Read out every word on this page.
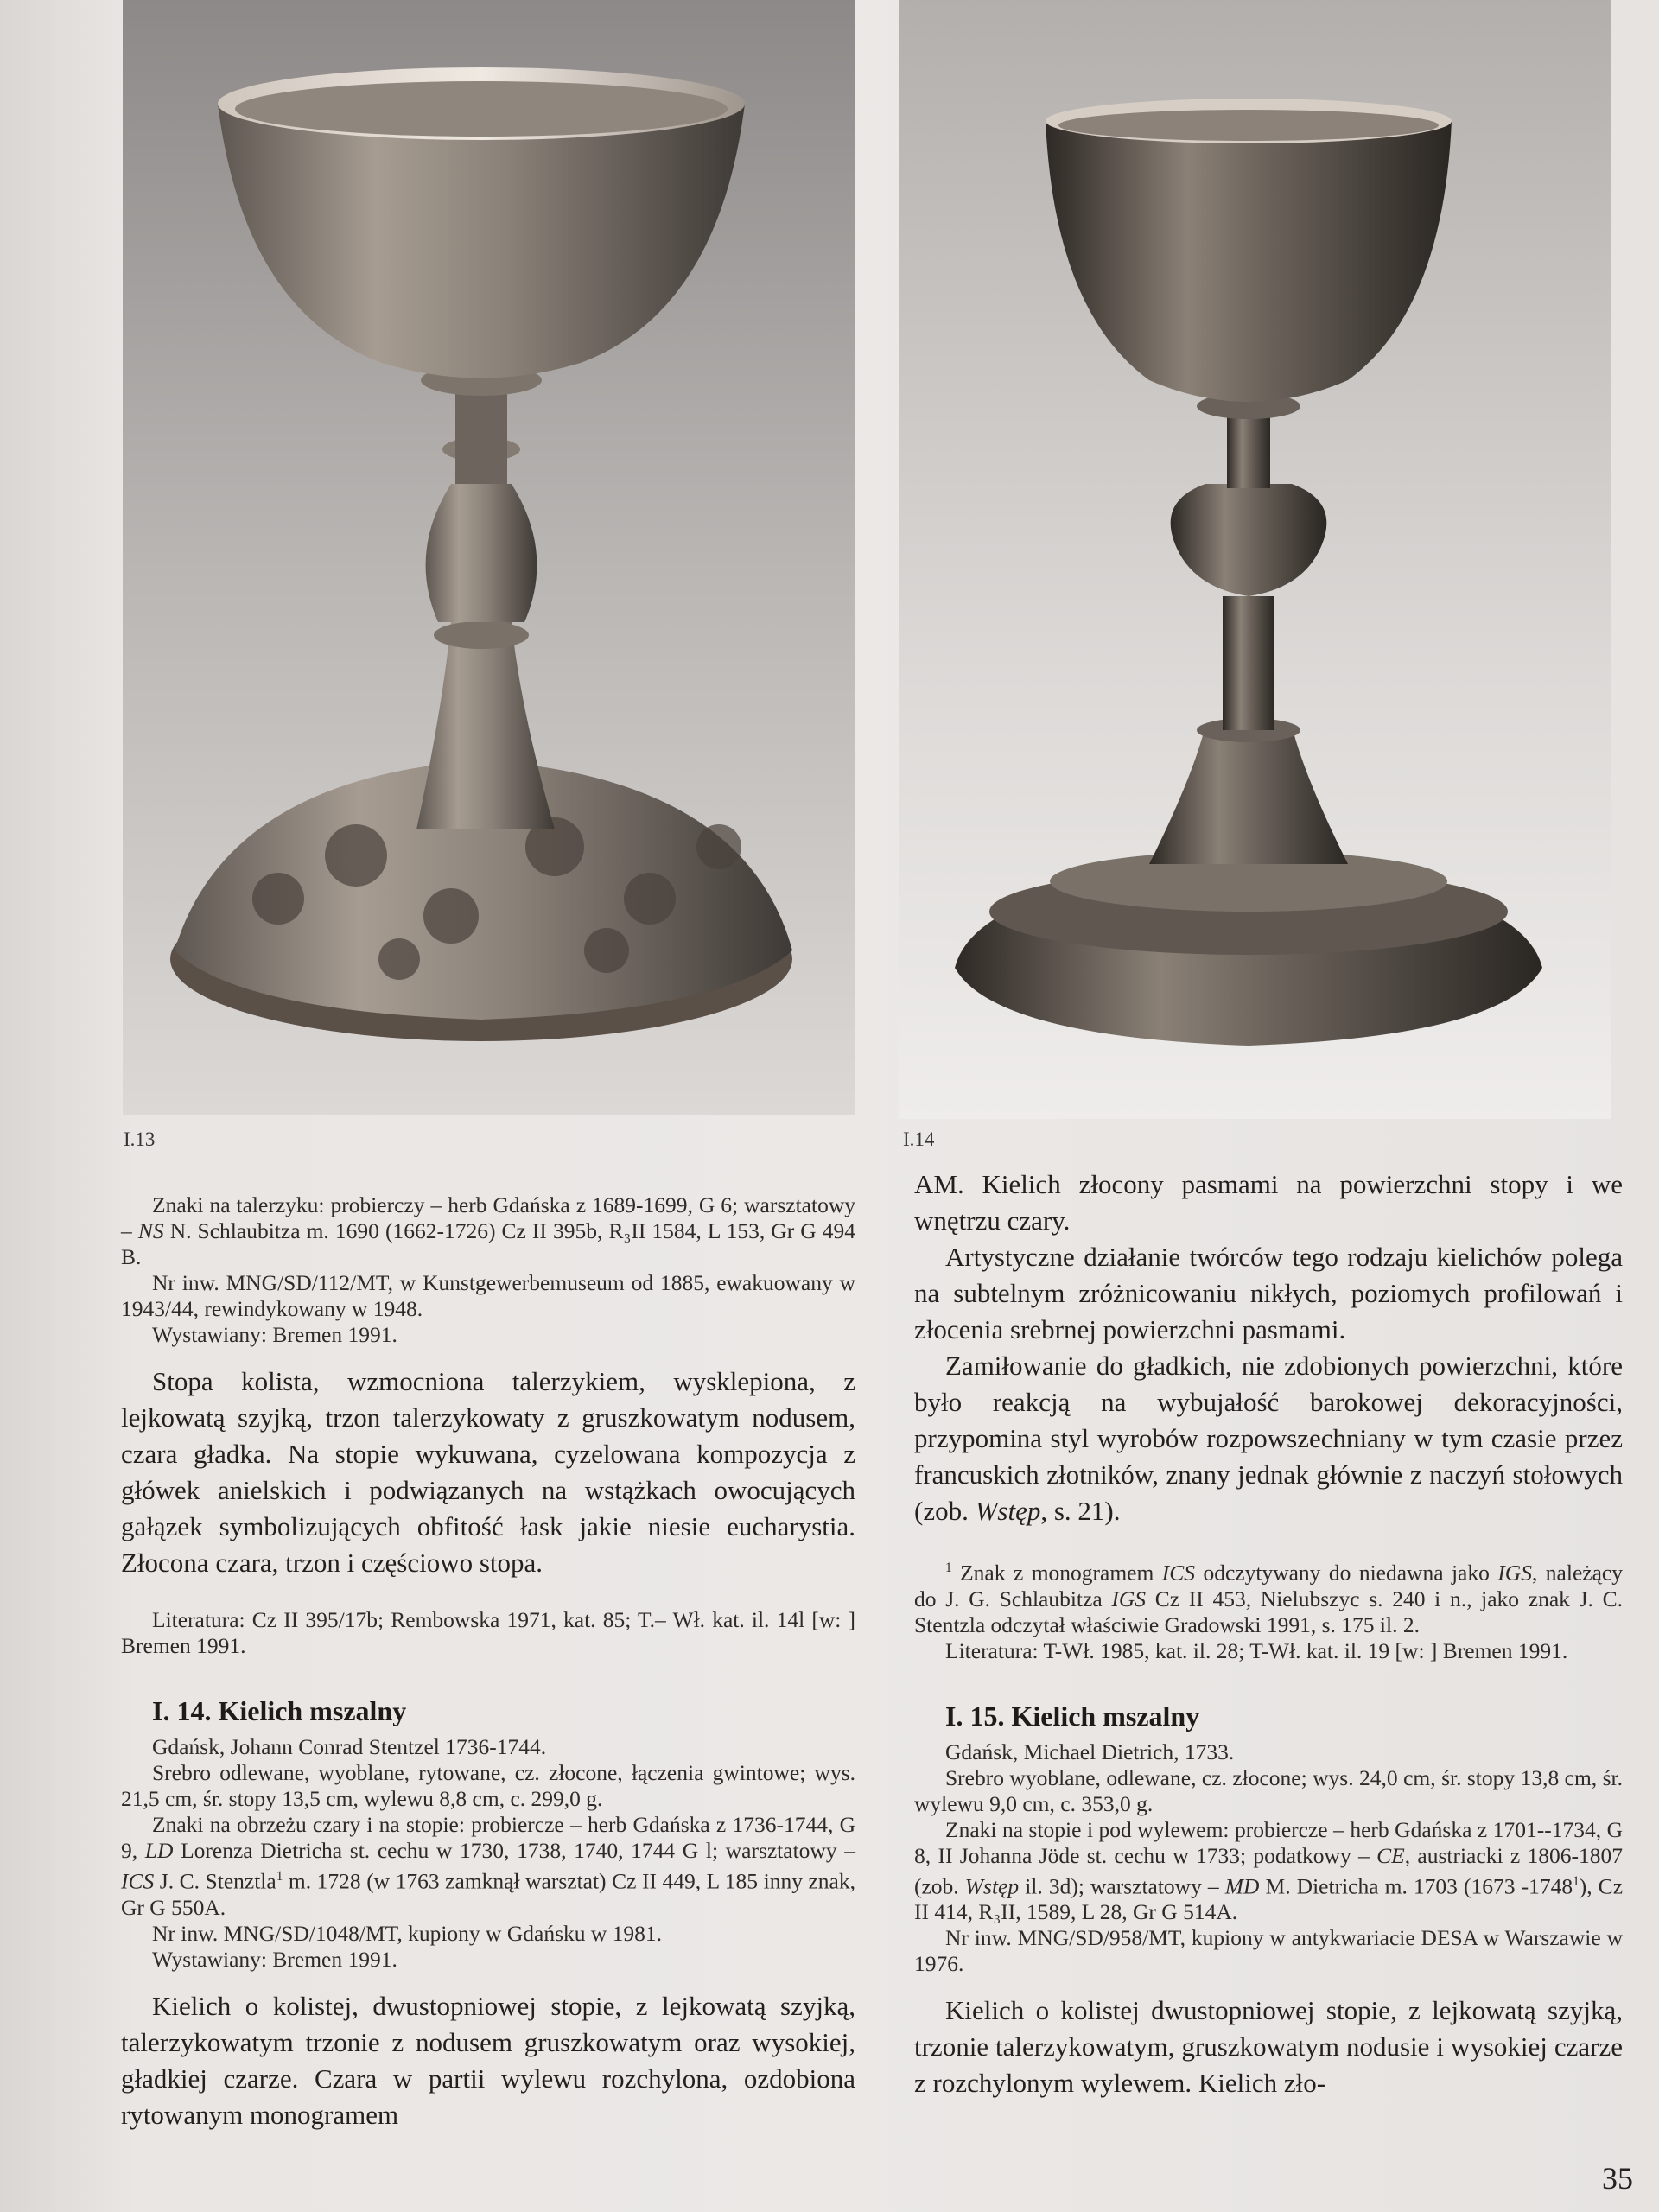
I.13	I.14

Znaki na talerzyku: probierczy – herb Gdańska z 1689-1699, G 6; warsztatowy – NS N. Schlaubitza m. 1690 (1662-1726) Cz II 395b, R₃II 1584, L 153, Gr G 494 B.

Nr inw. MNG/SD/112/MT, w Kunstgewerbemuseum od 1885, ewakuowany w 1943/44, rewindykowany w 1948.

Wystawiany: Bremen 1991.

Stopa kolista, wzmocniona talerzykiem, wysklepiona, z lejkowatą szyjką, trzon talerzykowaty z gruszkowatym nodusem, czara gładka. Na stopie wykuwana, cyzelowana kompozycja z główek anielskich i podwiązanych na wstążkach owocujących gałązek symbolizujących obfitość łask jakie niesie eucharystia. Złocona czara, trzon i częściowo stopa.

Literatura: Cz II 395/17b; Rembowska 1971, kat. 85; T.– Wł. kat. il. 14l [w: ] Bremen 1991.

I. 14. Kielich mszalny

Gdańsk, Johann Conrad Stentzel 1736-1744.

Srebro odlewane, wyoblane, rytowane, cz. złocone, łączenia gwintowe; wys. 21,5 cm, śr. stopy 13,5 cm, wylewu 8,8 cm, c. 299,0 g.

Znaki na obrzeżu czary i na stopie: probiercze – herb Gdańska z 1736-1744, G 9, LD Lorenza Dietricha st. cechu w 1730, 1738, 1740, 1744 G l; warsztatowy – ICS J. C. Stenztla$^1$ m. 1728 (w 1763 zamknął warsztat) Cz II 449, L 185 inny znak, Gr G 550A.

Nr inw. MNG/SD/1048/MT, kupiony w Gdańsku w 1981.

Wystawiany: Bremen 1991.

Kielich o kolistej, dwustopniowej stopie, z lejkowatą szyjką, talerzykowatym trzonie z nodusem gruszkowatym oraz wysokiej, gładkiej czarze. Czara w partii wylewu rozchylona, ozdobiona rytowanym monogramem

AM. Kielich złocony pasmami na powierzchni stopy i we wnętrzu czary.

Artystyczne działanie twórców tego rodzaju kielichów polega na subtelnym zróżnicowaniu nikłych, poziomych profilowań i złocenia srebrnej powierzchni pasmami.

Zamiłowanie do gładkich, nie zdobionych powierzchni, które było reakcją na wybujałość barokowej dekoracyjności, przypomina styl wyrobów rozpowszechniany w tym czasie przez francuskich złotników, znany jednak głównie z naczyń stołowych (zob. Wstęp, s. 21).

$^1$ Znak z monogramem ICS odczytywany do niedawna jako IGS, należący do J. G. Schlaubitza IGS Cz II 453, Nielubszyc s. 240 i n., jako znak J. C. Stentzla odczytał właściwie Gradowski 1991, s. 175 il. 2.

Literatura: T-Wł. 1985, kat. il. 28; T-Wł. kat. il. 19 [w: ] Bremen 1991.

I. 15. Kielich mszalny

Gdańsk, Michael Dietrich, 1733.

Srebro wyoblane, odlewane, cz. złocone; wys. 24,0 cm, śr. stopy 13,8 cm, śr. wylewu 9,0 cm, c. 353,0 g.

Znaki na stopie i pod wylewem: probiercze – herb Gdańska z 1701--1734, G 8, II Johanna Jöde st. cechu w 1733; podatkowy – CE, austriacki z 1806-1807 (zob. Wstęp il. 3d); warsztatowy – MD M. Dietricha m. 1703 (1673 -1748$^1$), Cz II 414, R₃II, 1589, L 28, Gr G 514A.

Nr inw. MNG/SD/958/MT, kupiony w antykwariacie DESA w Warszawie w 1976.

Kielich o kolistej dwustopniowej stopie, z lejkowatą szyjką, trzonie talerzykowatym, gruszkowatym nodusie i wysokiej czarze z rozchylonym wylewem. Kielich zło-

35
